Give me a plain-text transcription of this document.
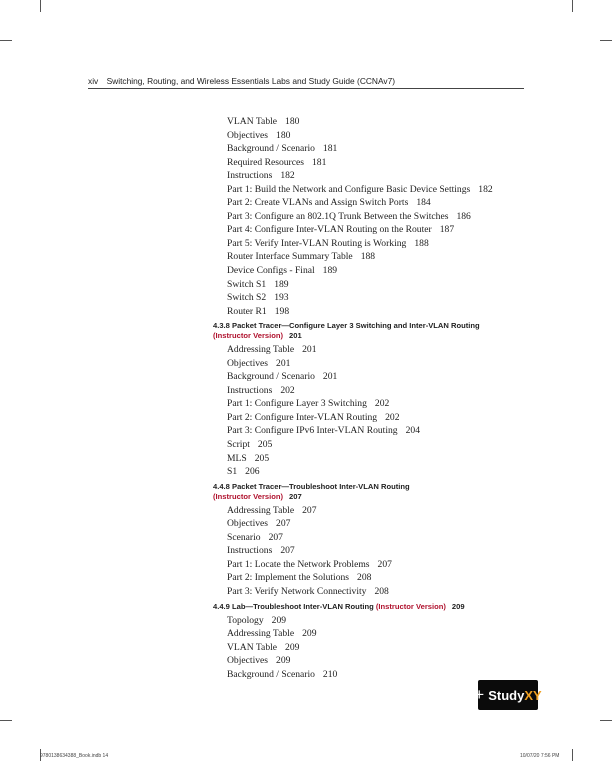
xiv Switching, Routing, and Wireless Essentials Labs and Study Guide (CCNAv7)
VLAN Table 180
Objectives 180
Background / Scenario 181
Required Resources 181
Instructions 182
Part 1: Build the Network and Configure Basic Device Settings 182
Part 2: Create VLANs and Assign Switch Ports 184
Part 3: Configure an 802.1Q Trunk Between the Switches 186
Part 4: Configure Inter-VLAN Routing on the Router 187
Part 5: Verify Inter-VLAN Routing is Working 188
Router Interface Summary Table 188
Device Configs - Final 189
Switch S1 189
Switch S2 193
Router R1 198
4.3.8 Packet Tracer—Configure Layer 3 Switching and Inter-VLAN Routing
(Instructor Version) 201
Addressing Table 201
Objectives 201
Background / Scenario 201
Instructions 202
Part 1: Configure Layer 3 Switching 202
Part 2: Configure Inter-VLAN Routing 202
Part 3: Configure IPv6 Inter-VLAN Routing 204
Script 205
MLS 205
S1 206
4.4.8 Packet Tracer—Troubleshoot Inter-VLAN Routing
(Instructor Version) 207
Addressing Table 207
Objectives 207
Scenario 207
Instructions 207
Part 1: Locate the Network Problems 207
Part 2: Implement the Solutions 208
Part 3: Verify Network Connectivity 208
4.4.9 Lab—Troubleshoot Inter-VLAN Routing (Instructor Version) 209
Topology 209
Addressing Table 209
VLAN Table 209
Objectives 209
Background / Scenario 210
+ Study XY
9780138634388_Book.indb 14	10/07/20 7:56 PM
